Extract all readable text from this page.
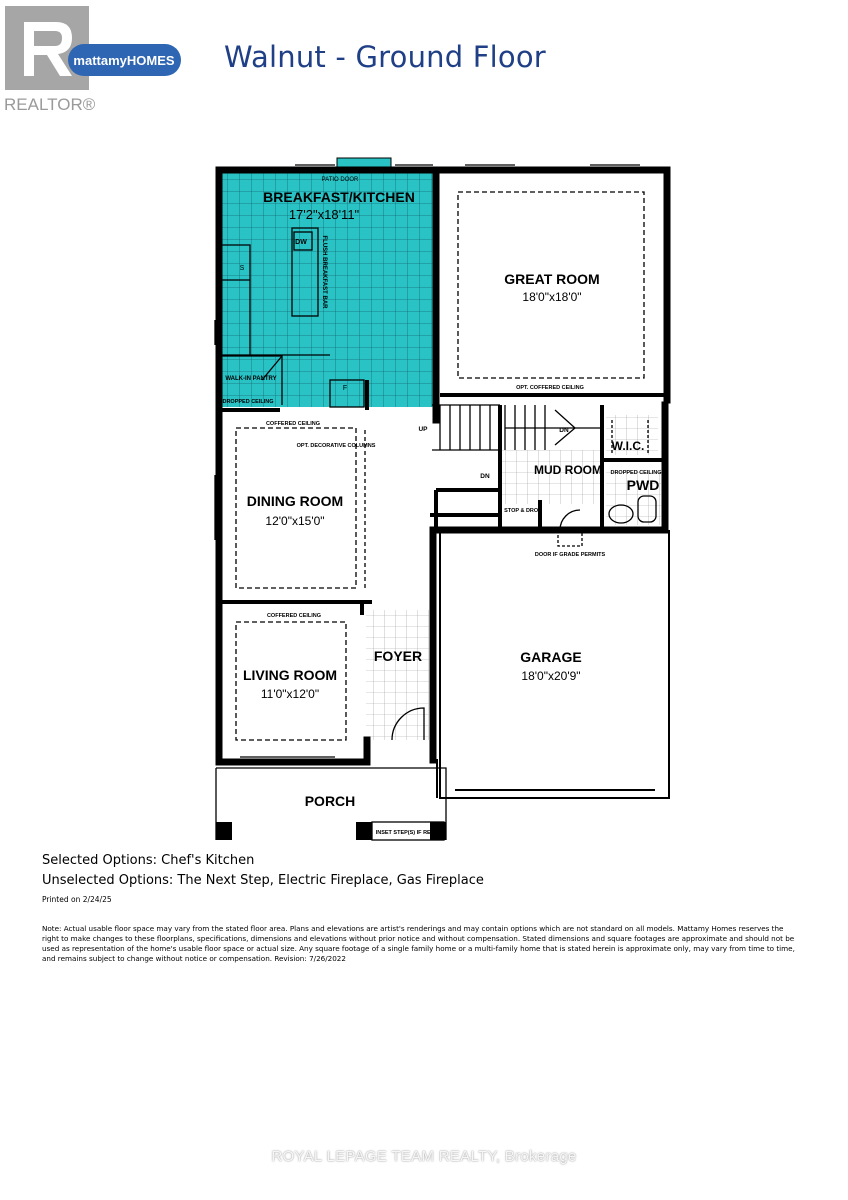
REALTOR®
mattamyHOMES Walnut - Ground Floor
PATIO DOOR
BREAKFAST/KITCHEN
17'2"x18'11"
DW
S
F
WALK-IN PANTRY
DROPPED CEILING
GREAT ROOM
18'0"x18'0"
OPT. COFFERED CEILING
COFFERED CEILING
OPT. DECORATIVE COLUMNS
DINING ROOM
12'0"x15'0"
COFFERED CEILING
LIVING ROOM
11'0"x12'0"
FOYER
UP	DN
DN
W.I.C.
MUD ROOM DROPPED CEILING
PWD
STOP & DROP
DOOR IF GRADE PERMITS
GARAGE
18'0"x20'9"
PORCH
INSET STEP(S) IF REQ'D
FLUSH BREAKFAST BAR

Selected Options: Chef's Kitchen

Unselected Options: The Next Step, Electric Fireplace, Gas Fireplace

Printed on 2/24/25

Note: Actual usable floor space may vary from the stated floor area. Plans and elevations are artist's renderings and may contain options which are not standard on all models. Mattamy Homes reserves the right to make changes to these floorplans, specifications, dimensions and elevations without prior notice and without compensation. Stated dimensions and square footages are approximate and should not be used as representation of the home's usable floor space or actual size. Any square footage of a single family home or a multi-family home that is stated herein is approximate only, may vary from time to time, and remains subject to change without notice or compensation. Revision: 7/26/2022

ROYAL LEPAGE TEAM REALTY, Brokerage
